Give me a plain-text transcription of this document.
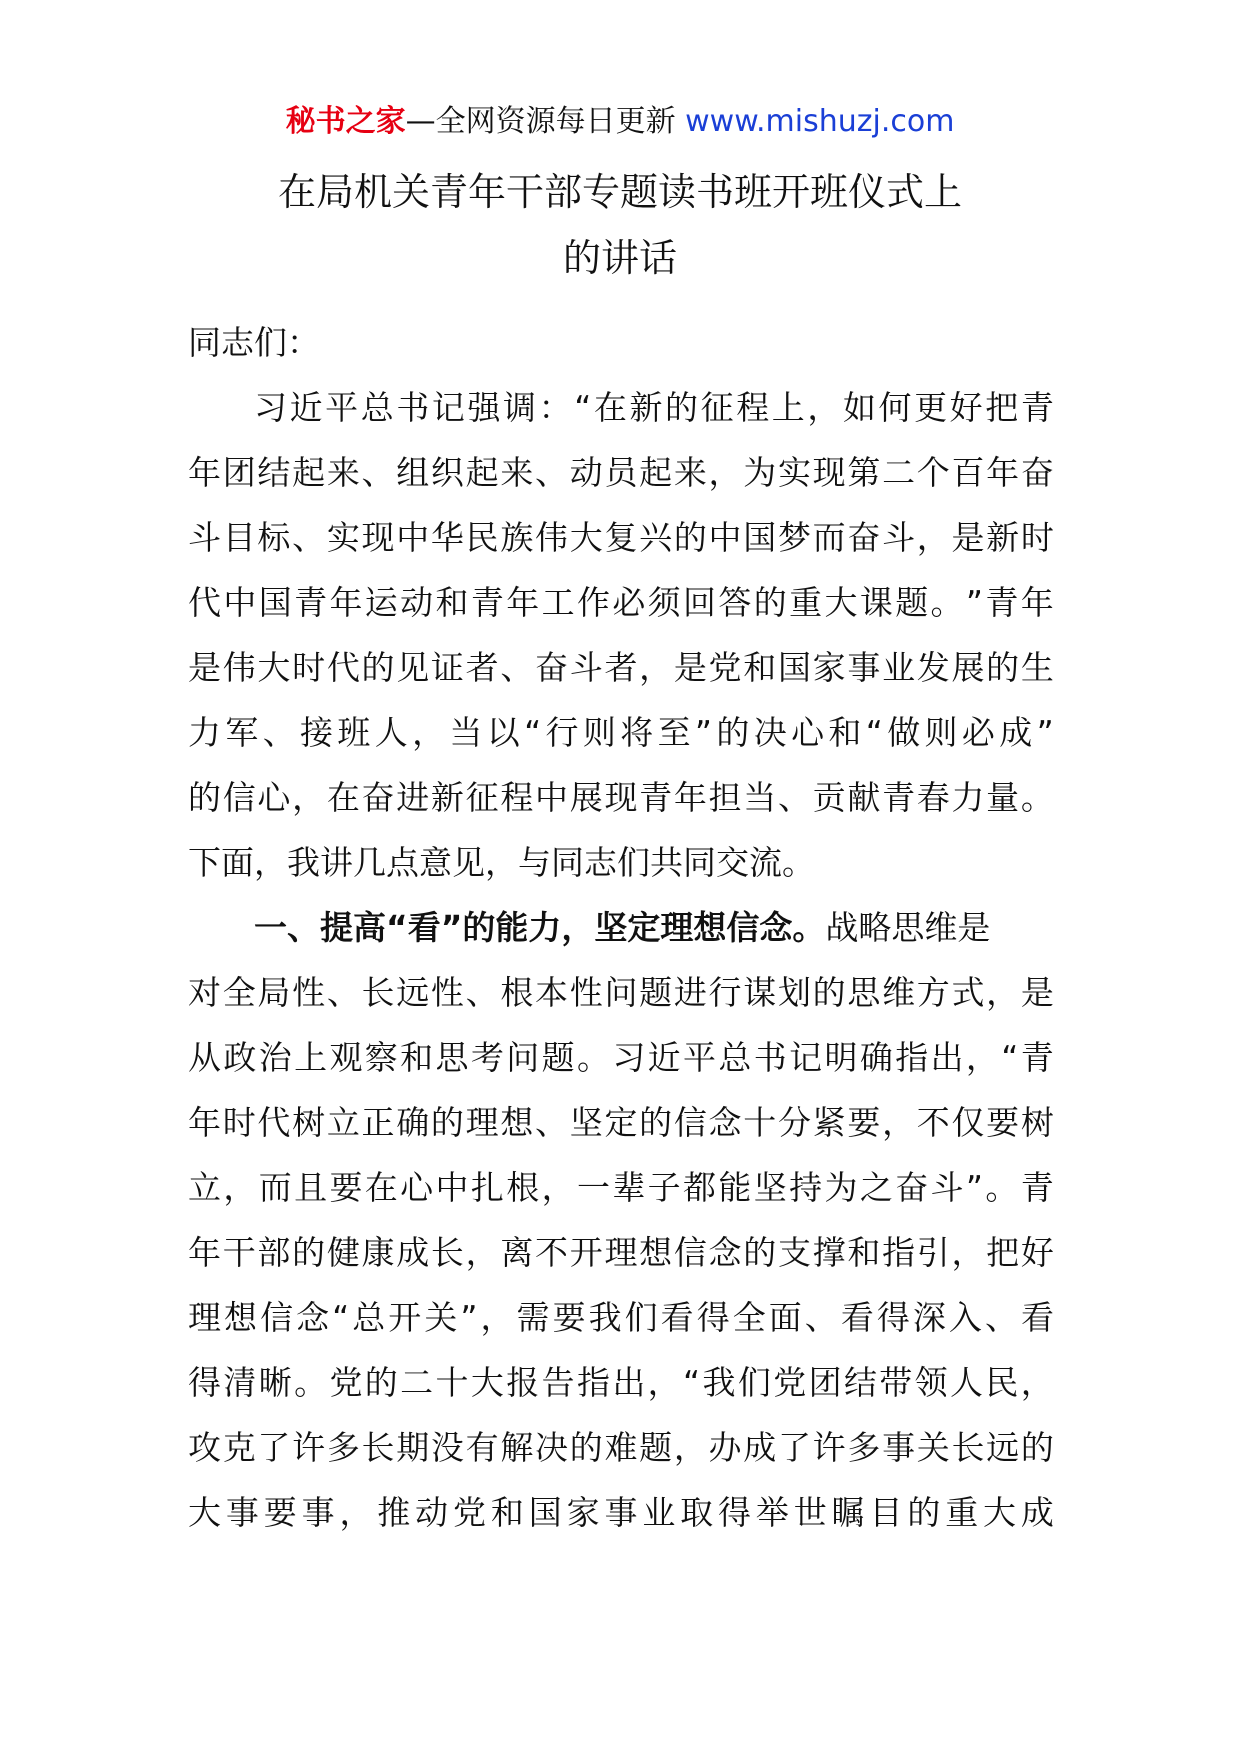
秘书之家—全网资源每日更新 www.mishuzj.com
在局机关青年干部专题读书班开班仪式上
的讲话
同志们：
习 近 平 总 书 记 强 调 ： “ 在 新 的 征 程 上 ， 如 何 更 好 把 青
年 团 结 起 来 、 组 织 起 来 、 动 员 起 来 ， 为 实 现 第 二 个 百 年 奋
斗 目 标 、 实 现 中 华 民 族 伟 大 复 兴 的 中 国 梦 而 奋 斗 ， 是 新 时
代 中 国 青 年 运 动 和 青 年 工 作 必 须 回 答 的 重 大 课 题 。 ” 青 年
是 伟 大 时 代 的 见 证 者 、 奋 斗 者 ， 是 党 和 国 家 事 业 发 展 的 生
力 军 、 接 班 人 ， 当 以 “ 行 则 将 至 ” 的 决 心 和 “ 做 则 必 成 ”
的 信 心 ， 在 奋 进 新 征 程 中 展 现 青 年 担 当 、 贡 献 青 春 力 量 。
下面，我讲几点意见，与同志们共同交流。
一、提高“看”的能力，坚定理想信念。 战略思维是
对 全 局 性 、 长 远 性 、 根 本 性 问 题 进 行 谋 划 的 思 维 方 式 ， 是
从 政 治 上 观 察 和 思 考 问 题 。 习 近 平 总 书 记 明 确 指 出 ， “ 青
年 时 代 树 立 正 确 的 理 想 、 坚 定 的 信 念 十 分 紧 要 ， 不 仅 要 树
立 ， 而 且 要 在 心 中 扎 根 ， 一 辈 子 都 能 坚 持 为 之 奋 斗 ” 。 青
年 干 部 的 健 康 成 长 ， 离 不 开 理 想 信 念 的 支 撑 和 指 引 ， 把 好
理 想 信 念 “ 总 开 关 ” ， 需 要 我 们 看 得 全 面 、 看 得 深 入 、 看
得 清 晰 。 党 的 二 十 大 报 告 指 出 ， “ 我 们 党 团 结 带 领 人 民 ，
攻 克 了 许 多 长 期 没 有 解 决 的 难 题 ， 办 成 了 许 多 事 关 长 远 的
大 事 要 事 ， 推 动 党 和 国 家 事 业 取 得 举 世 瞩 目 的 重 大 成
